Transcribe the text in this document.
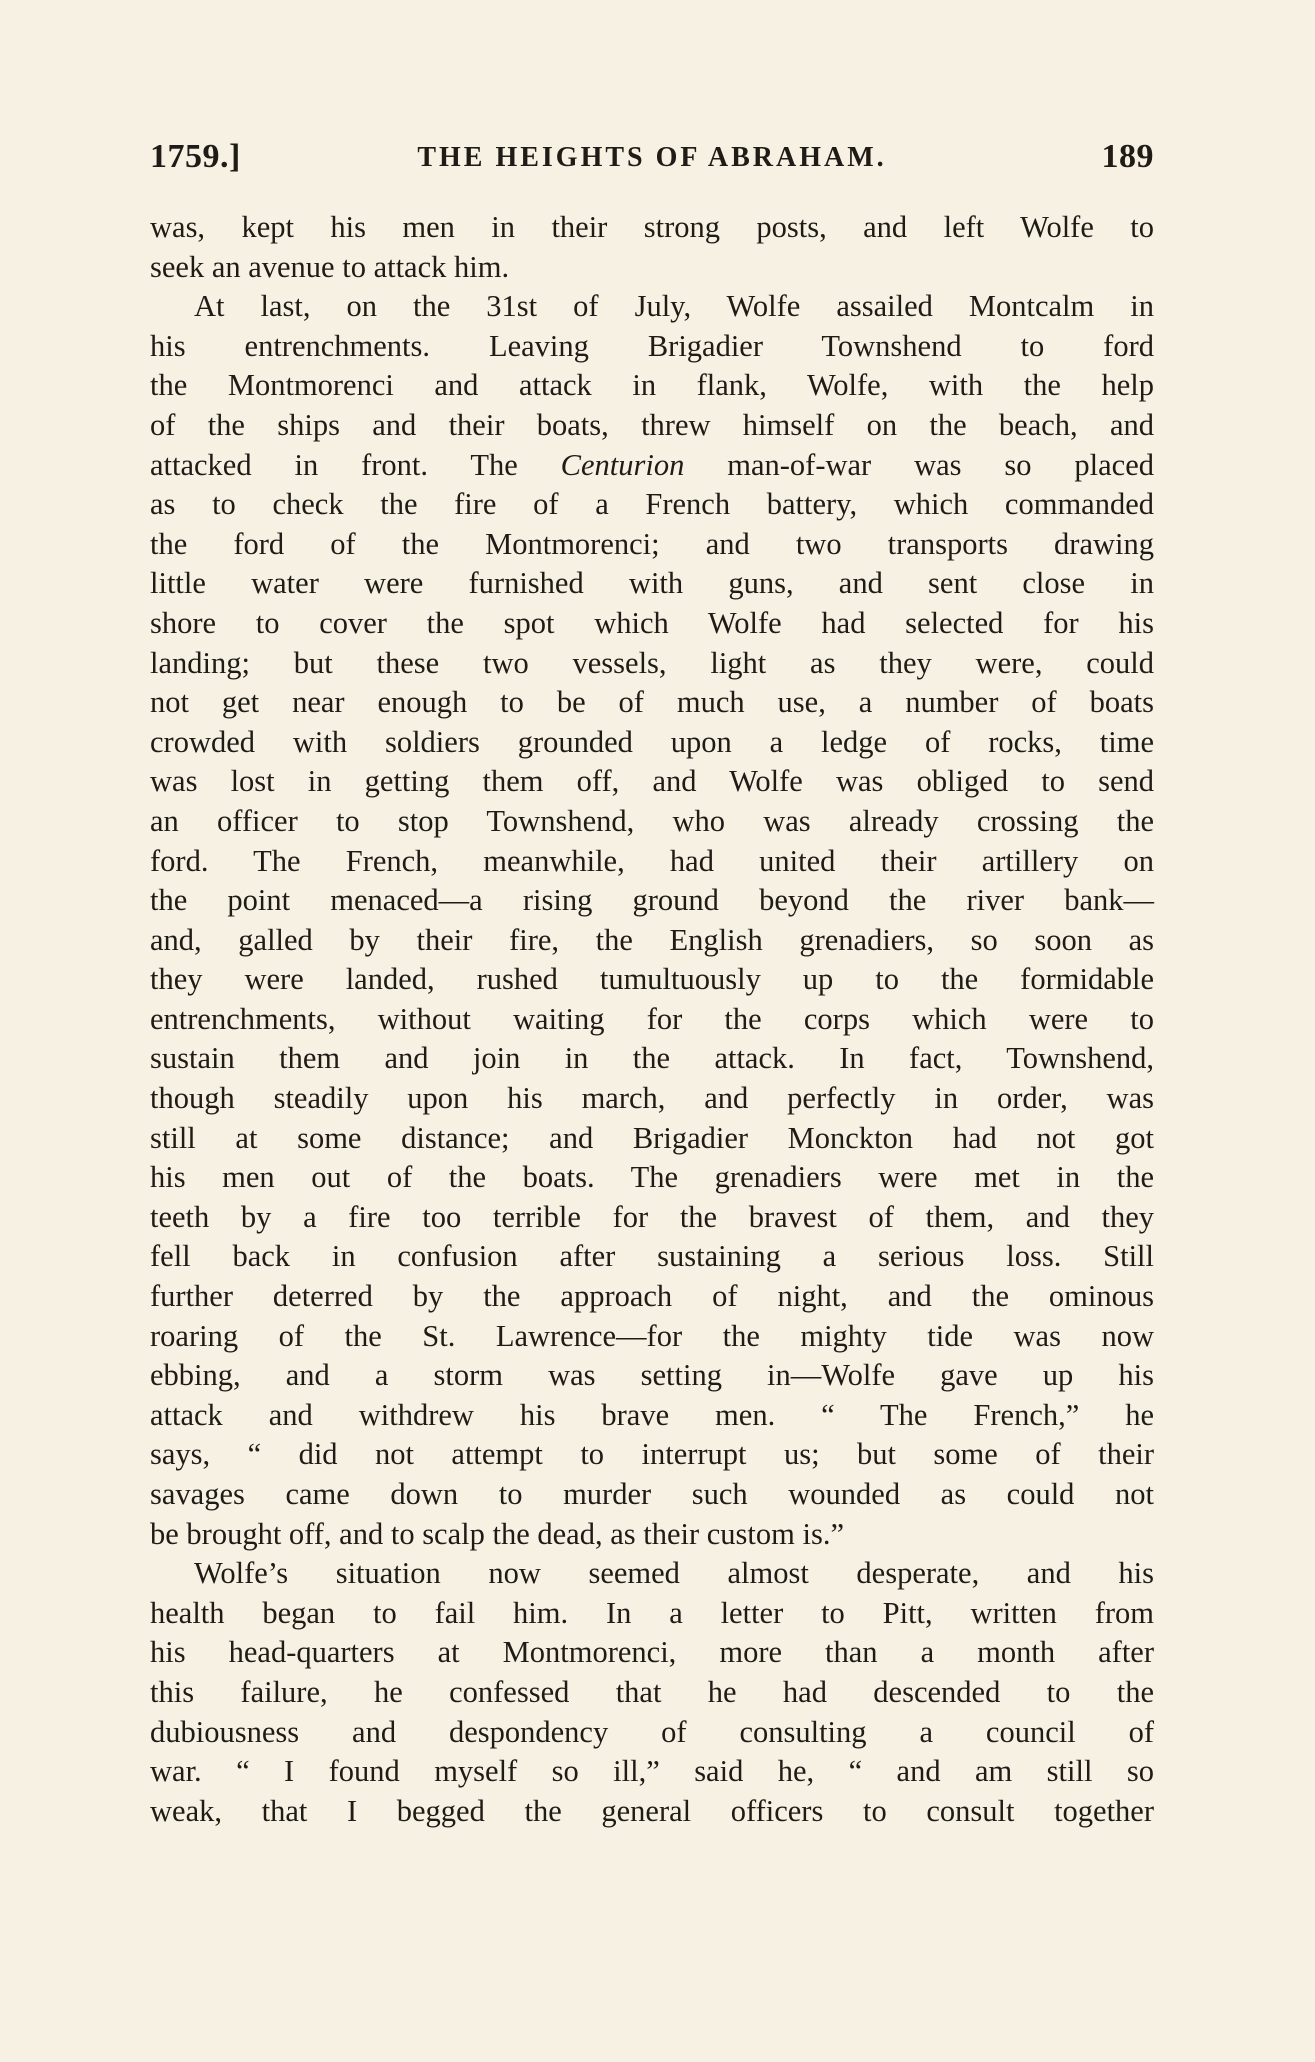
1759.]	THE HEIGHTS OF ABRAHAM.	189
was, kept his men in their strong posts, and left Wolfe to
seek an avenue to attack him.
At last, on the 31st of July, Wolfe assailed Montcalm in
his entrenchments. Leaving Brigadier Townshend to ford
the Montmorenci and attack in flank, Wolfe, with the help
of the ships and their boats, threw himself on the beach, and
attacked in front. The Centurion man-of-war was so placed
as to check the fire of a French battery, which commanded
the ford of the Montmorenci; and two transports drawing
little water were furnished with guns, and sent close in
shore to cover the spot which Wolfe had selected for his
landing; but these two vessels, light as they were, could
not get near enough to be of much use, a number of boats
crowded with soldiers grounded upon a ledge of rocks, time
was lost in getting them off, and Wolfe was obliged to send
an officer to stop Townshend, who was already crossing the
ford. The French, meanwhile, had united their artillery on
the point menaced—a rising ground beyond the river bank—
and, galled by their fire, the English grenadiers, so soon as
they were landed, rushed tumultuously up to the formidable
entrenchments, without waiting for the corps which were to
sustain them and join in the attack. In fact, Townshend,
though steadily upon his march, and perfectly in order, was
still at some distance; and Brigadier Monckton had not got
his men out of the boats. The grenadiers were met in the
teeth by a fire too terrible for the bravest of them, and they
fell back in confusion after sustaining a serious loss. Still
further deterred by the approach of night, and the ominous
roaring of the St. Lawrence—for the mighty tide was now
ebbing, and a storm was setting in—Wolfe gave up his
attack and withdrew his brave men. “ The French,” he
says, “ did not attempt to interrupt us; but some of their
savages came down to murder such wounded as could not
be brought off, and to scalp the dead, as their custom is.”
Wolfe’s situation now seemed almost desperate, and his
health began to fail him. In a letter to Pitt, written from
his head-quarters at Montmorenci, more than a month after
this failure, he confessed that he had descended to the
dubiousness and despondency of consulting a council of
war. “ I found myself so ill,” said he, “ and am still so
weak, that I begged the general officers to consult together
